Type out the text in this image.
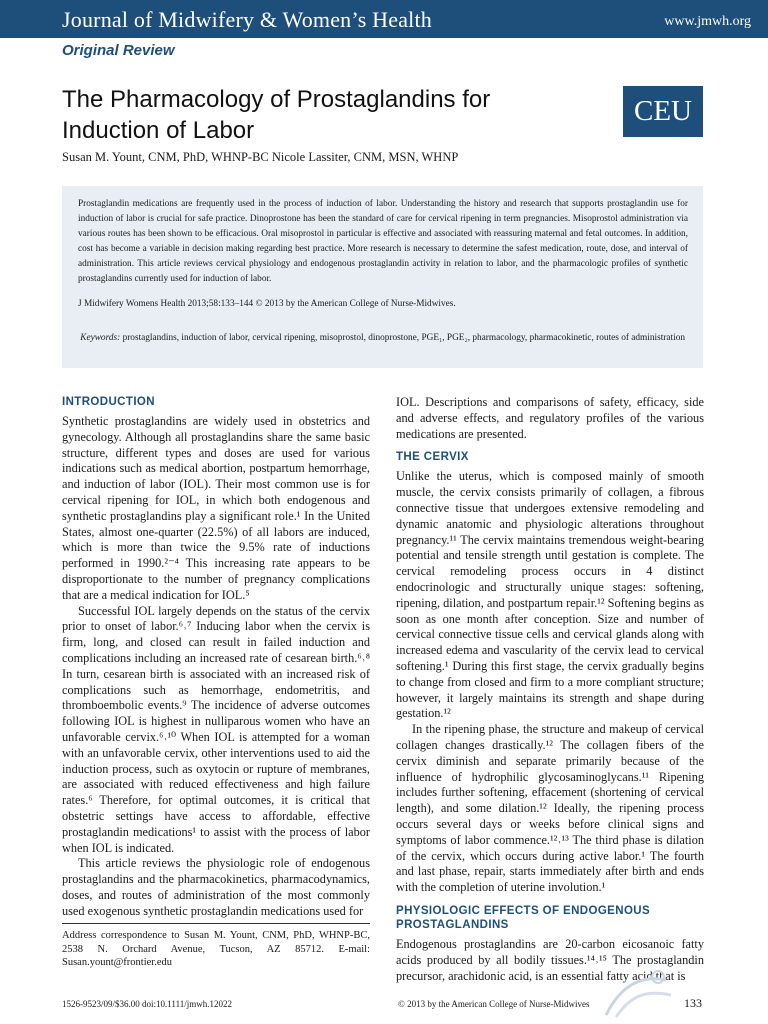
Journal of Midwifery & Women’s Health	www.jmwh.org
Original Review
The Pharmacology of Prostaglandins for
Induction of Labor
CEU
Susan M. Yount, CNM, PhD, WHNP-BC Nicole Lassiter, CNM, MSN, WHNP
Prostaglandin medications are frequently used in the process of induction of labor. Understanding the history and research that supports prostaglandin use for induction of labor is crucial for safe practice. Dinoprostone has been the standard of care for cervical ripening in term pregnancies. Misoprostol administration via various routes has been shown to be efficacious. Oral misoprostol in particular is effective and associated with reassuring maternal and fetal outcomes. In addition, cost has become a variable in decision making regarding best practice. More research is necessary to determine the safest medication, route, dose, and interval of administration. This article reviews cervical physiology and endogenous prostaglandin activity in relation to labor, and the pharmacologic profiles of synthetic prostaglandins currently used for induction of labor.
J Midwifery Womens Health 2013;58:133–144 © 2013 by the American College of Nurse-Midwives.
Keywords: prostaglandins, induction of labor, cervical ripening, misoprostol, dinoprostone, PGE₁, PGE₂, pharmacology, pharmacokinetic, routes of administration
INTRODUCTION

Synthetic prostaglandins are widely used in obstetrics and gynecology. Although all prostaglandins share the same basic structure, different types and doses are used for various indications such as medical abortion, postpartum hemorrhage, and induction of labor (IOL). Their most common use is for cervical ripening for IOL, in which both endogenous and synthetic prostaglandins play a significant role.¹ In the United States, almost one-quarter (22.5%) of all labors are induced, which is more than twice the 9.5% rate of inductions performed in 1990.²⁻⁴ This increasing rate appears to be disproportionate to the number of pregnancy complications that are a medical indication for IOL.⁵

Successful IOL largely depends on the status of the cervix prior to onset of labor.⁶˒⁷ Inducing labor when the cervix is firm, long, and closed can result in failed induction and complications including an increased rate of cesarean birth.⁶˒⁸ In turn, cesarean birth is associated with an increased risk of complications such as hemorrhage, endometritis, and thromboembolic events.⁹ The incidence of adverse outcomes following IOL is highest in nulliparous women who have an unfavorable cervix.⁶˒¹⁰ When IOL is attempted for a woman with an unfavorable cervix, other interventions used to aid the induction process, such as oxytocin or rupture of membranes, are associated with reduced effectiveness and high failure rates.⁶ Therefore, for optimal outcomes, it is critical that obstetric settings have access to affordable, effective prostaglandin medications¹ to assist with the process of labor when IOL is indicated.

This article reviews the physiologic role of endogenous prostaglandins and the pharmacokinetics, pharmacodynamics, doses, and routes of administration of the most commonly used exogenous synthetic prostaglandin medications used for

IOL. Descriptions and comparisons of safety, efficacy, side and adverse effects, and regulatory profiles of the various medications are presented.

THE CERVIX

Unlike the uterus, which is composed mainly of smooth muscle, the cervix consists primarily of collagen, a fibrous connective tissue that undergoes extensive remodeling and dynamic anatomic and physiologic alterations throughout pregnancy.¹¹ The cervix maintains tremendous weight-bearing potential and tensile strength until gestation is complete. The cervical remodeling process occurs in 4 distinct endocrinologic and structurally unique stages: softening, ripening, dilation, and postpartum repair.¹² Softening begins as soon as one month after conception. Size and number of cervical connective tissue cells and cervical glands along with increased edema and vascularity of the cervix lead to cervical softening.¹ During this first stage, the cervix gradually begins to change from closed and firm to a more compliant structure; however, it largely maintains its strength and shape during gestation.¹²

In the ripening phase, the structure and makeup of cervical collagen changes drastically.¹² The collagen fibers of the cervix diminish and separate primarily because of the influence of hydrophilic glycosaminoglycans.¹¹ Ripening includes further softening, effacement (shortening of cervical length), and some dilation.¹² Ideally, the ripening process occurs several days or weeks before clinical signs and symptoms of labor commence.¹²˒¹³ The third phase is dilation of the cervix, which occurs during active labor.¹ The fourth and last phase, repair, starts immediately after birth and ends with the completion of uterine involution.¹

PHYSIOLOGIC EFFECTS OF ENDOGENOUS PROSTAGLANDINS

Endogenous prostaglandins are 20-carbon eicosanoic fatty acids produced by all bodily tissues.¹⁴˒¹⁵ The prostaglandin precursor, arachidonic acid, is an essential fatty acid that is

Address correspondence to Susan M. Yount, CNM, PhD, WHNP-BC, 2538 N. Orchard Avenue, Tucson, AZ 85712. E-mail: Susan.yount@frontier.edu
1526-9523/09/$36.00 doi:10.1111/jmwh.12022	© 2013 by the American College of Nurse-Midwives	133
